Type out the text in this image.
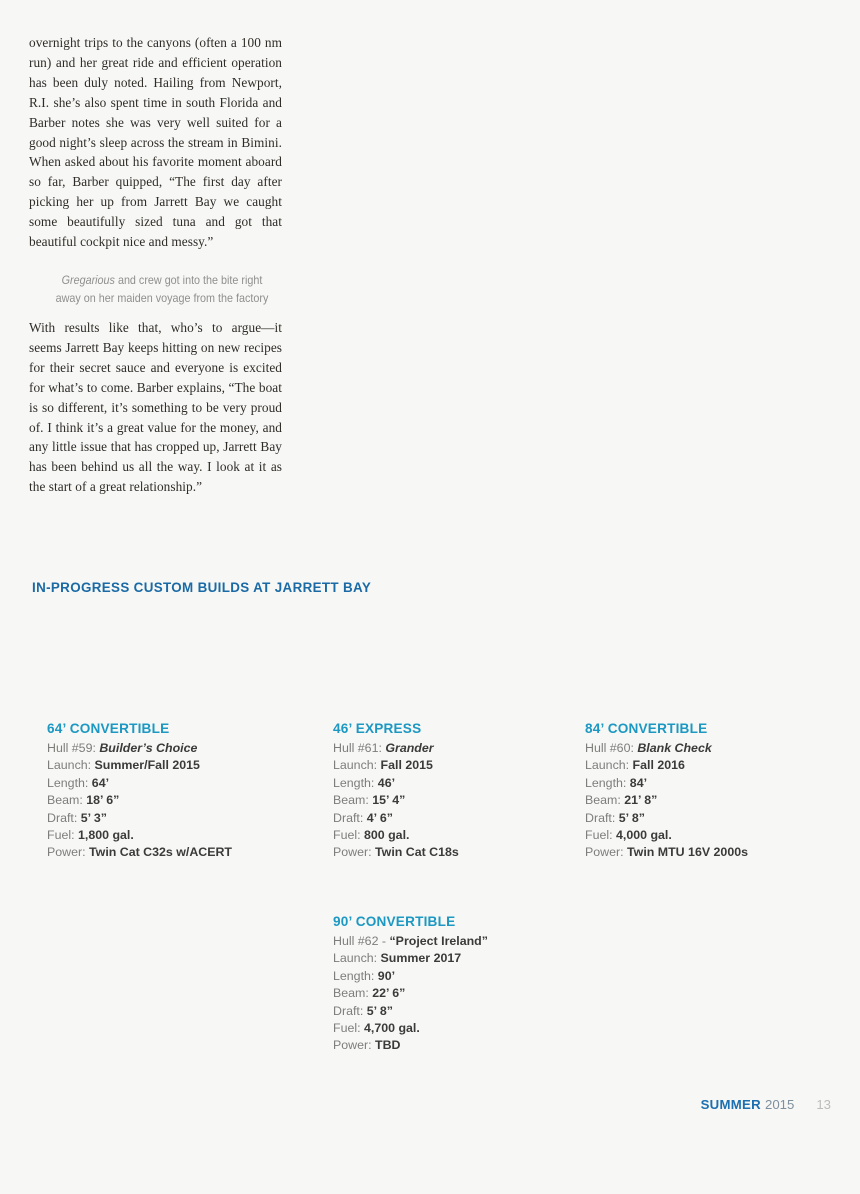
overnight trips to the canyons (often a 100 nm run) and her great ride and efficient operation has been duly noted. Hailing from Newport, R.I. she’s also spent time in south Florida and Barber notes she was very well suited for a good night’s sleep across the stream in Bimini. When asked about his favorite moment aboard so far, Barber quipped, “The first day after picking her up from Jarrett Bay we caught some beautifully sized tuna and got that beautiful cockpit nice and messy.”

Gregarious and crew got into the bite right away on her maiden voyage from the factory

With results like that, who’s to argue—it seems Jarrett Bay keeps hitting on new recipes for their secret sauce and everyone is excited for what’s to come. Barber explains, “The boat is so different, it’s something to be very proud of. I think it’s a great value for the money, and any little issue that has cropped up, Jarrett Bay has been behind us all the way. I look at it as the start of a great relationship.”

IN-PROGRESS CUSTOM BUILDS AT JARRETT BAY
64’ CONVERTIBLE
Hull #59: Builder’s Choice
Launch: Summer/Fall 2015
Length: 64’
Beam: 18’ 6”
Draft: 5’ 3”
Fuel: 1,800 gal.
Power: Twin Cat C32s w/ACERT
46’ EXPRESS
Hull #61: Grander
Launch: Fall 2015
Length: 46’
Beam: 15’ 4”
Draft: 4’ 6”
Fuel: 800 gal.
Power: Twin Cat C18s
84’ CONVERTIBLE
Hull #60: Blank Check
Launch: Fall 2016
Length: 84’
Beam: 21’ 8”
Draft: 5’ 8”
Fuel: 4,000 gal.
Power: Twin MTU 16V 2000s
90’ CONVERTIBLE
Hull #62 - “Project Ireland”
Launch: Summer 2017
Length: 90’
Beam: 22’ 6”
Draft: 5’ 8”
Fuel: 4,700 gal.
Power: TBD
SUMMER 2015 13
